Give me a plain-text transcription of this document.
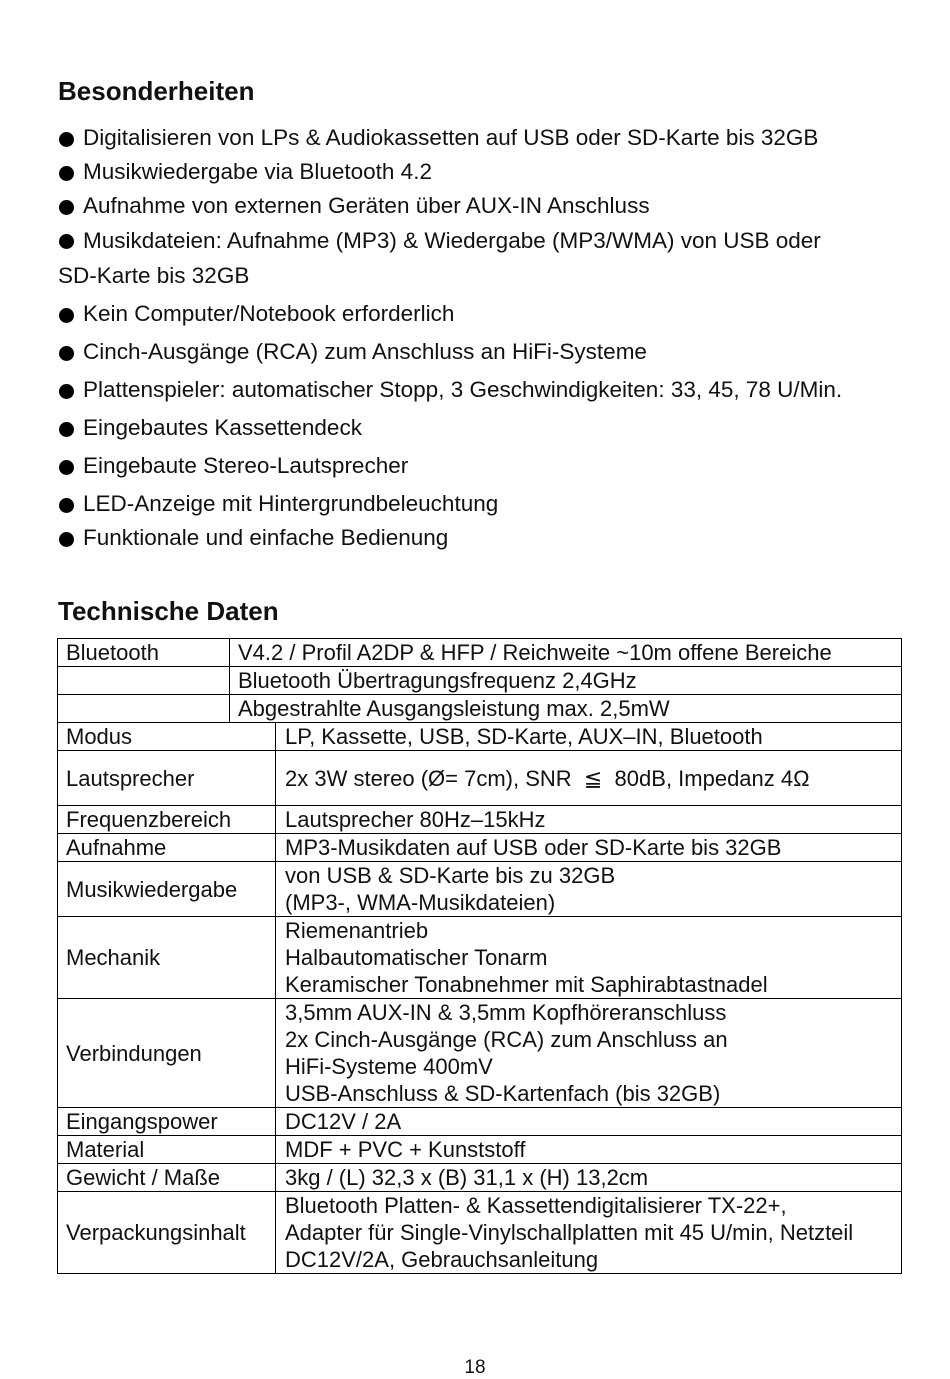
Besonderheiten
Digitalisieren von LPs & Audiokassetten auf USB oder SD-Karte bis 32GB
Musikwiedergabe via Bluetooth 4.2
Aufnahme von externen Geräten über AUX-IN Anschluss
Musikdateien: Aufnahme (MP3) & Wiedergabe (MP3/WMA) von USB oder
SD-Karte bis 32GB
Kein Computer/Notebook erforderlich
Cinch-Ausgänge (RCA) zum Anschluss an HiFi-Systeme
Plattenspieler: automatischer Stopp, 3 Geschwindigkeiten: 33, 45, 78 U/Min.
Eingebautes Kassettendeck
Eingebaute Stereo-Lautsprecher
LED-Anzeige mit Hintergrundbeleuchtung
Funktionale und einfache Bedienung
Technische Daten
Bluetooth	V4.2 / Profil A2DP & HFP / Reichweite ~10m offene Bereiche	
	Bluetooth Übertragungsfrequenz 2,4GHz	
	Abgestrahlte Ausgangsleistung max. 2,5mW	
Modus		LP, Kassette, USB, SD-Karte, AUX–IN, Bluetooth
Lautsprecher		2x 3W stereo (Ø= 7cm), SNR  ≦  80dB, Impedanz 4Ω
Frequenzbereich		Lautsprecher 80Hz–15kHz
Aufnahme		MP3-Musikdaten auf USB oder SD-Karte bis 32GB
Musikwiedergabe		von USB & SD-Karte bis zu 32GB
(MP3-, WMA-Musikdateien)

Mechanik		Riemenantrieb
Halbautomatischer Tonarm
Keramischer Tonabnehmer mit Saphirabtastnadel

Verbindungen		3,5mm AUX-IN & 3,5mm Kopfhöreranschluss
2x Cinch-Ausgänge (RCA) zum Anschluss an
HiFi-Systeme 400mV
USB-Anschluss & SD-Kartenfach (bis 32GB)

Eingangspower		DC12V / 2A
Material		MDF + PVC + Kunststoff
Gewicht / Maße		3kg / (L) 32,3 x (B) 31,1 x (H) 13,2cm
Verpackungsinhalt		Bluetooth Platten- & Kassettendigitalisierer TX-22+,
Adapter für Single-Vinylschallplatten mit 45 U/min, Netzteil
DC12V/2A, Gebrauchsanleitung
18
